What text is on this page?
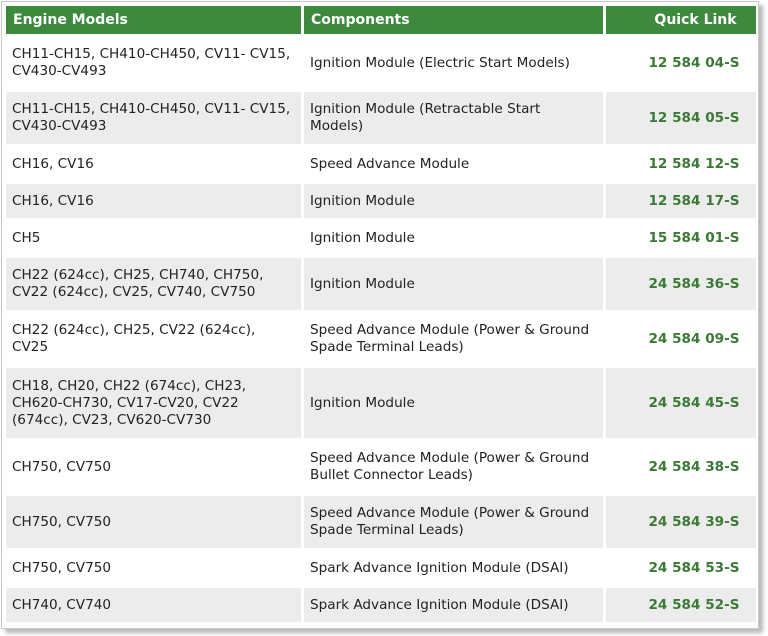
Engine Models	Components	Quick Link
CH11-CH15, CH410-CH450, CV11- CV15, CV430-CV493	Ignition Module (Electric Start Models)	12 584 04-S
CH11-CH15, CH410-CH450, CV11- CV15, CV430-CV493	Ignition Module (Retractable Start Models)	12 584 05-S
CH16, CV16	Speed Advance Module	12 584 12-S
CH16, CV16	Ignition Module	12 584 17-S
CH5	Ignition Module	15 584 01-S
CH22 (624cc), CH25, CH740, CH750, CV22 (624cc), CV25, CV740, CV750	Ignition Module	24 584 36-S
CH22 (624cc), CH25, CV22 (624cc), CV25	Speed Advance Module (Power & Ground Spade Terminal Leads)	24 584 09-S
CH18, CH20, CH22 (674cc), CH23, CH620-CH730, CV17-CV20, CV22 (674cc), CV23, CV620-CV730	Ignition Module	24 584 45-S
CH750, CV750	Speed Advance Module (Power & Ground Bullet Connector Leads)	24 584 38-S
CH750, CV750	Speed Advance Module (Power & Ground Spade Terminal Leads)	24 584 39-S
CH750, CV750	Spark Advance Ignition Module (DSAI)	24 584 53-S
CH740, CV740	Spark Advance Ignition Module (DSAI)	24 584 52-S
